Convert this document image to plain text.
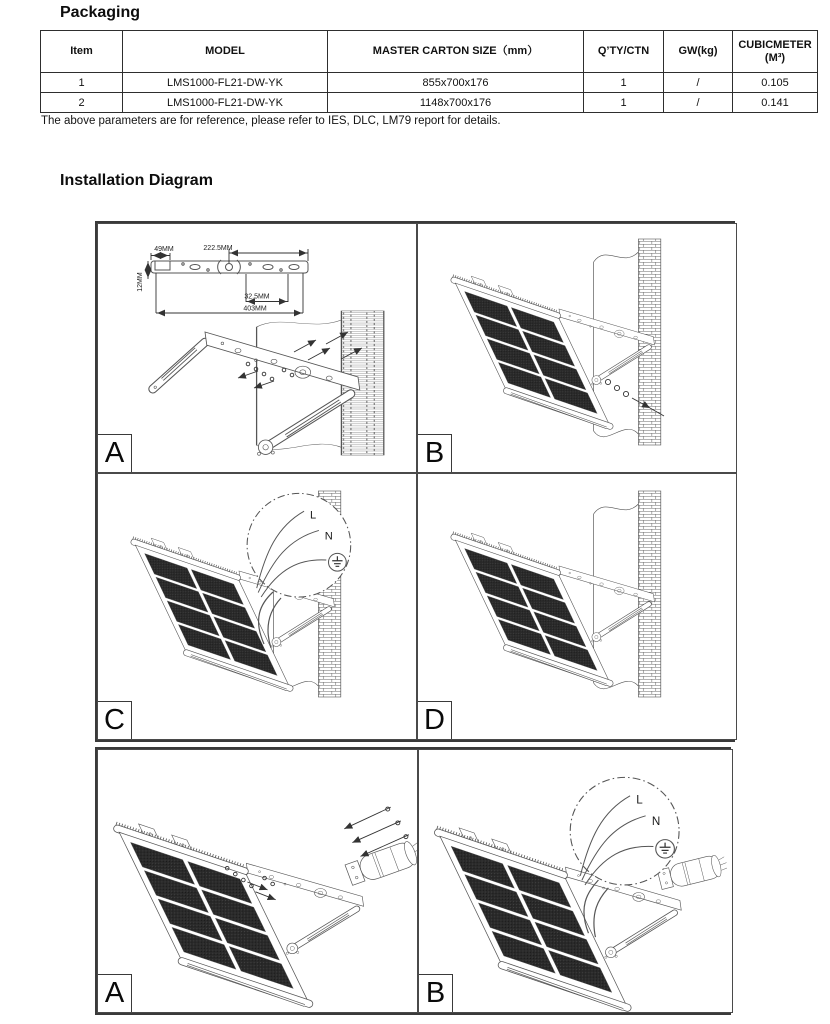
Packaging
Item	MODEL	MASTER CARTON SIZE（mm）	Q’TY/CTN	GW(kg)	CUBICMETER(M³)
1	LMS1000-FL21-DW-YK	855x700x176	1	/	0.105
2	LMS1000-FL21-DW-YK	1148x700x176	1	/	0.141
The above parameters are for reference, please refer to IES, DLC, LM79 report for details.
Installation Diagram
49MM	222.5MM
32.5MM
403MM
12MM
A	B
C	D
A	B
